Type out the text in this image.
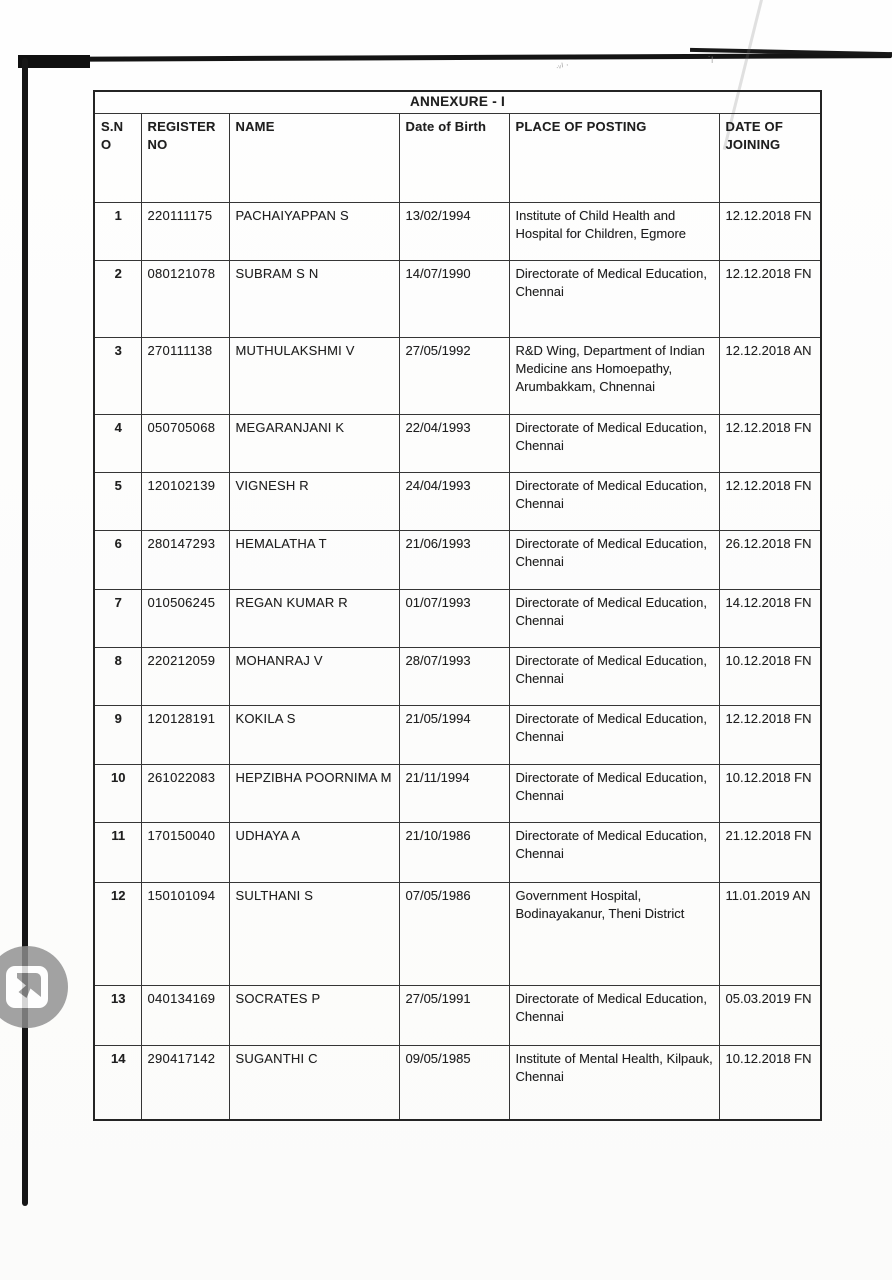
.ᵥı ⸳	˙ǀ
ANNEXURE - I					
S.N O	REGISTER NO	NAME	Date of Birth	PLACE OF POSTING	DATE OF JOINING
1	220111175	PACHAIYAPPAN S	13/02/1994	Institute of Child Health and Hospital for Children, Egmore	12.12.2018 FN
2	080121078	SUBRAM S N	14/07/1990	Directorate of Medical Education, Chennai	12.12.2018 FN
3	270111138	MUTHULAKSHMI V	27/05/1992	R&D Wing, Department of Indian Medicine ans Homoepathy, Arumbakkam, Chnennai	12.12.2018 AN
4	050705068	MEGARANJANI K	22/04/1993	Directorate of Medical Education, Chennai	12.12.2018 FN
5	120102139	VIGNESH R	24/04/1993	Directorate of Medical Education, Chennai	12.12.2018 FN
6	280147293	HEMALATHA T	21/06/1993	Directorate of Medical Education, Chennai	26.12.2018 FN
7	010506245	REGAN KUMAR R	01/07/1993	Directorate of Medical Education, Chennai	14.12.2018 FN
8	220212059	MOHANRAJ V	28/07/1993	Directorate of Medical Education, Chennai	10.12.2018 FN
9	120128191	KOKILA S	21/05/1994	Directorate of Medical Education, Chennai	12.12.2018 FN
10	261022083	HEPZIBHA POORNIMA M	21/11/1994	Directorate of Medical Education, Chennai	10.12.2018 FN
11	170150040	UDHAYA A	21/10/1986	Directorate of Medical Education, Chennai	21.12.2018 FN
12	150101094	SULTHANI S	07/05/1986	Government Hospital, Bodinayakanur, Theni District	11.01.2019 AN
13	040134169	SOCRATES P	27/05/1991	Directorate of Medical Education, Chennai	05.03.2019 FN
14	290417142	SUGANTHI C	09/05/1985	Institute of Mental Health, Kilpauk, Chennai	10.12.2018 FN
